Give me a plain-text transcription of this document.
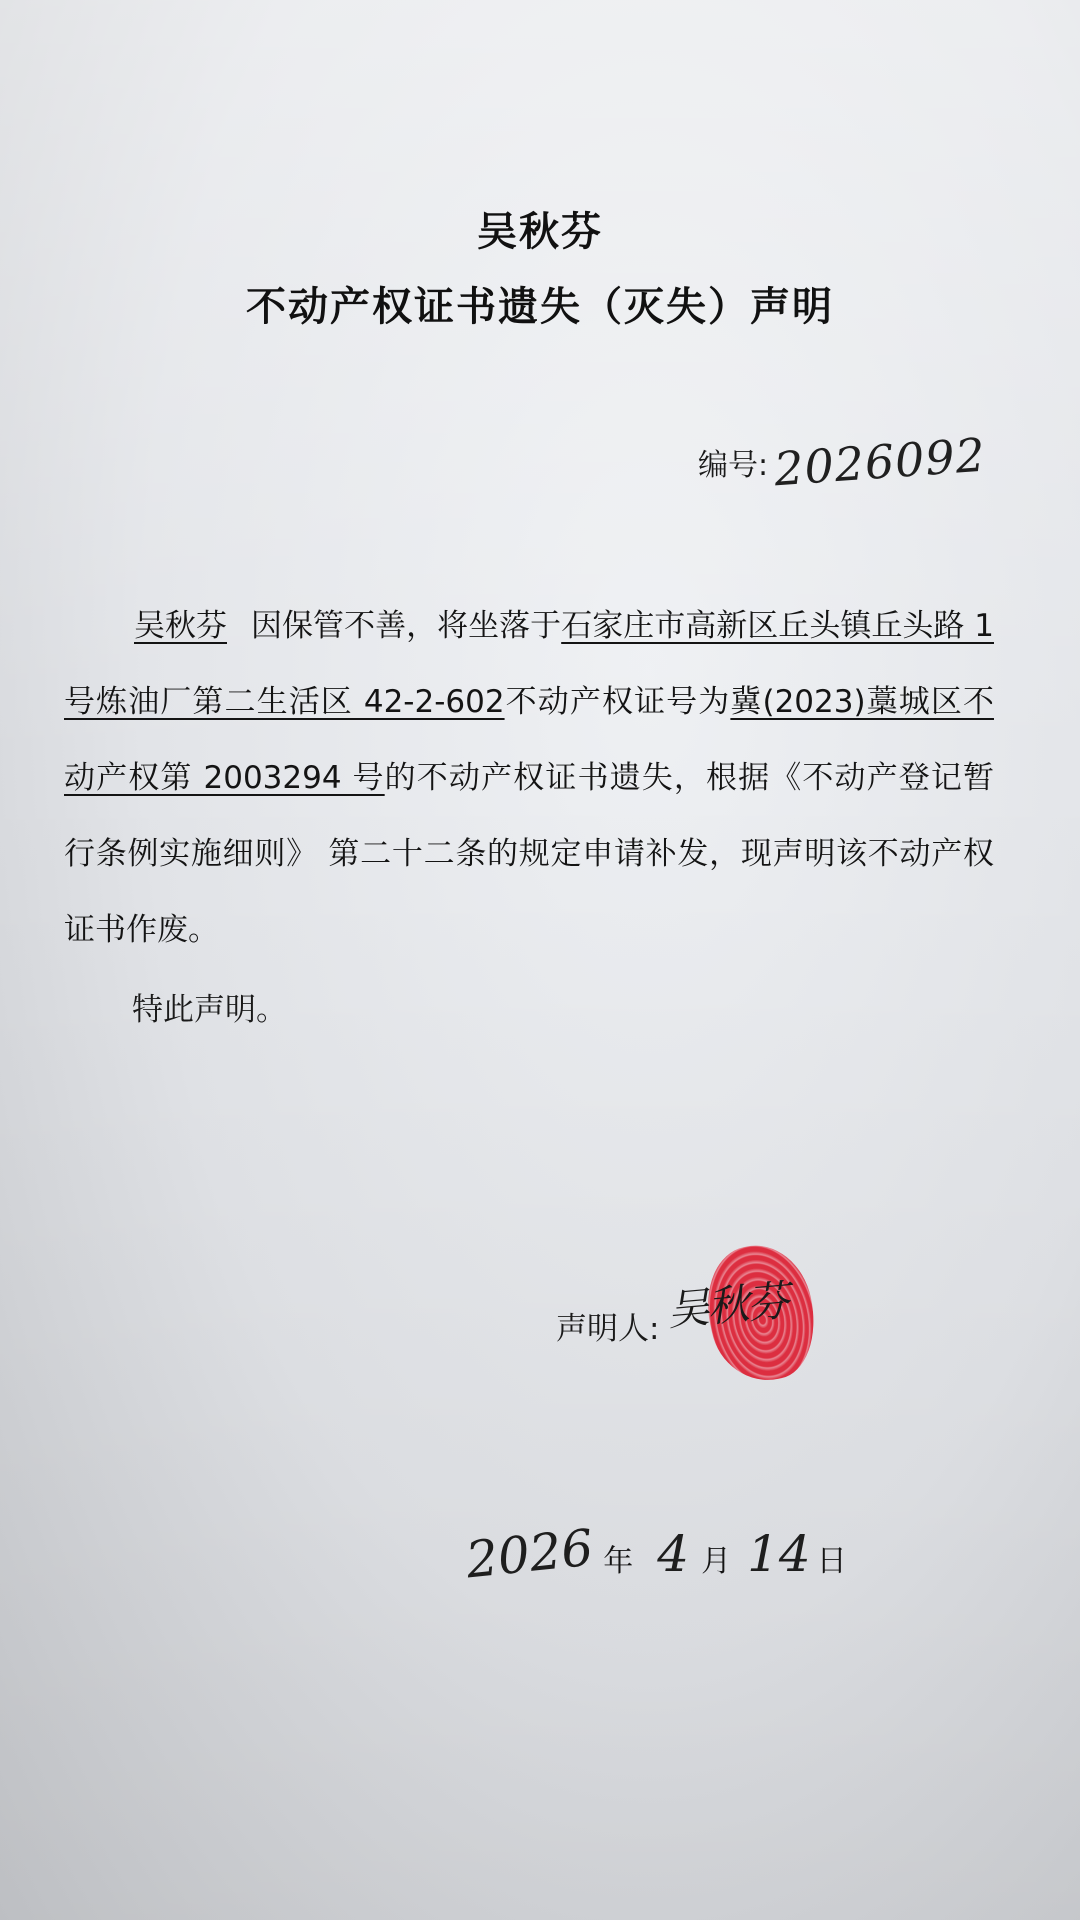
吴秋芬
不动产权证书遗失（灭失）声明
编号: 2026092
吴秋芬 因保管不善，将坐落于石家庄市高新区丘头镇丘头路 1 号炼油厂第二生活区 42-2-602不动产权证号为冀(2023)藁城区不动产权第 2003294 号的不动产权证书遗失，根据《不动产登记暂行条例实施细则》 第二十二条的规定申请补发，现声明该不动产权证书作废。
特此声明。
声明人: 吴秋芬
2026 年 4 月 14 日
